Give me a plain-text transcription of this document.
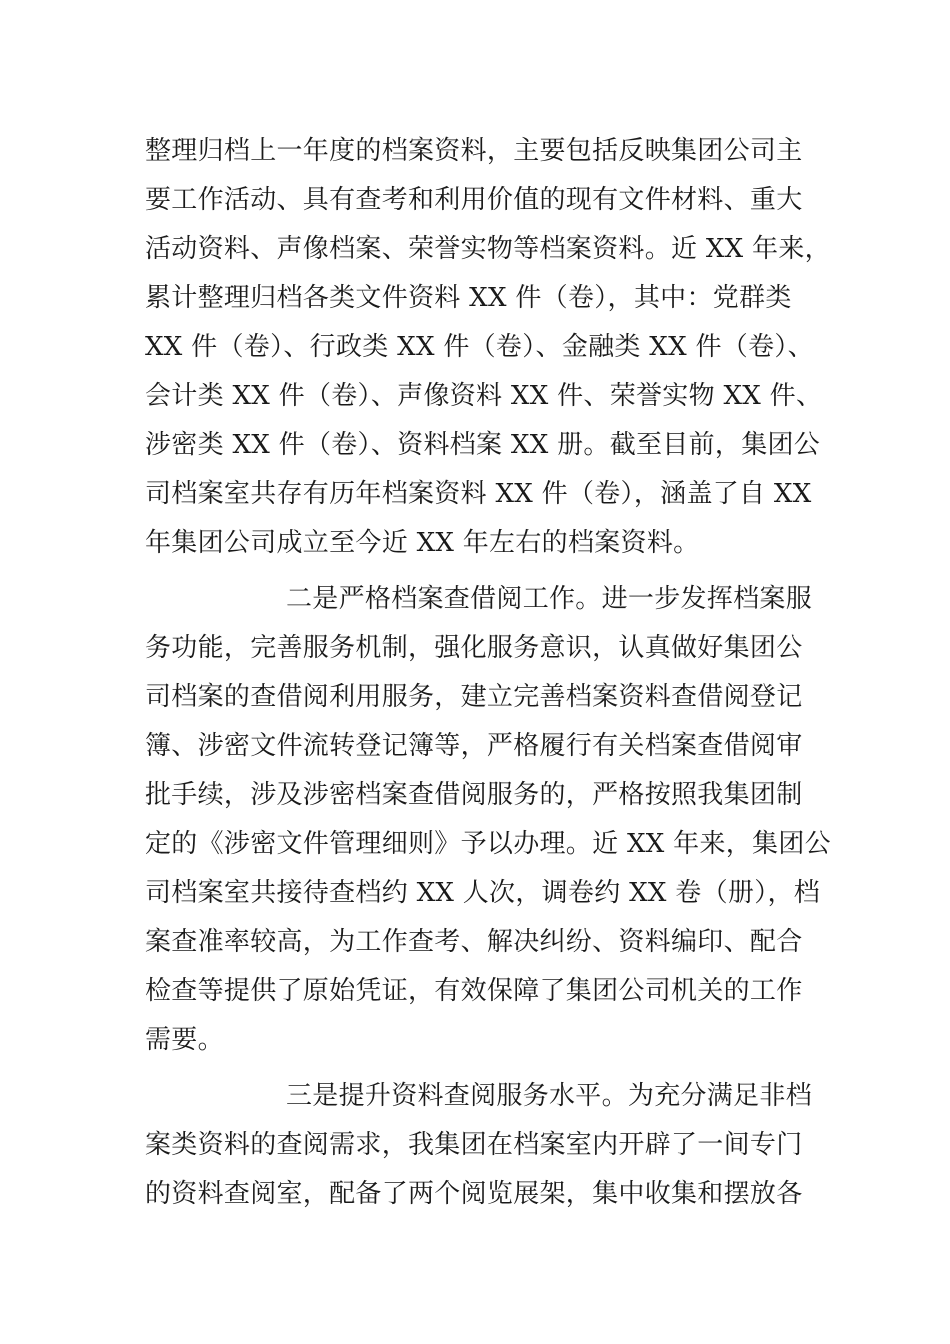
整理归档上一年度的档案资料，主要包括反映集团公司主
要工作活动、具有查考和利用价值的现有文件材料、重大
活动资料、声像档案、荣誉实物等档案资料。近 XX 年来，
累计整理归档各类文件资料 XX 件（卷），其中：党群类
XX 件（卷）、行政类 XX 件（卷）、金融类 XX 件（卷）、
会计类 XX 件（卷）、声像资料 XX 件、荣誉实物 XX 件、
涉密类 XX 件（卷）、资料档案 XX 册。截至目前，集团公
司档案室共存有历年档案资料 XX 件（卷），涵盖了自 XX
年集团公司成立至今近 XX 年左右的档案资料。
二是严格档案查借阅工作。进一步发挥档案服
务功能，完善服务机制，强化服务意识，认真做好集团公
司档案的查借阅利用服务，建立完善档案资料查借阅登记
簿、涉密文件流转登记簿等，严格履行有关档案查借阅审
批手续，涉及涉密档案查借阅服务的，严格按照我集团制
定的《涉密文件管理细则》予以办理。近 XX 年来，集团公
司档案室共接待查档约 XX 人次，调卷约 XX 卷（册），档
案查准率较高，为工作查考、解决纠纷、资料编印、配合
检查等提供了原始凭证，有效保障了集团公司机关的工作
需要。
三是提升资料查阅服务水平。为充分满足非档
案类资料的查阅需求，我集团在档案室内开辟了一间专门
的资料查阅室，配备了两个阅览展架，集中收集和摆放各
